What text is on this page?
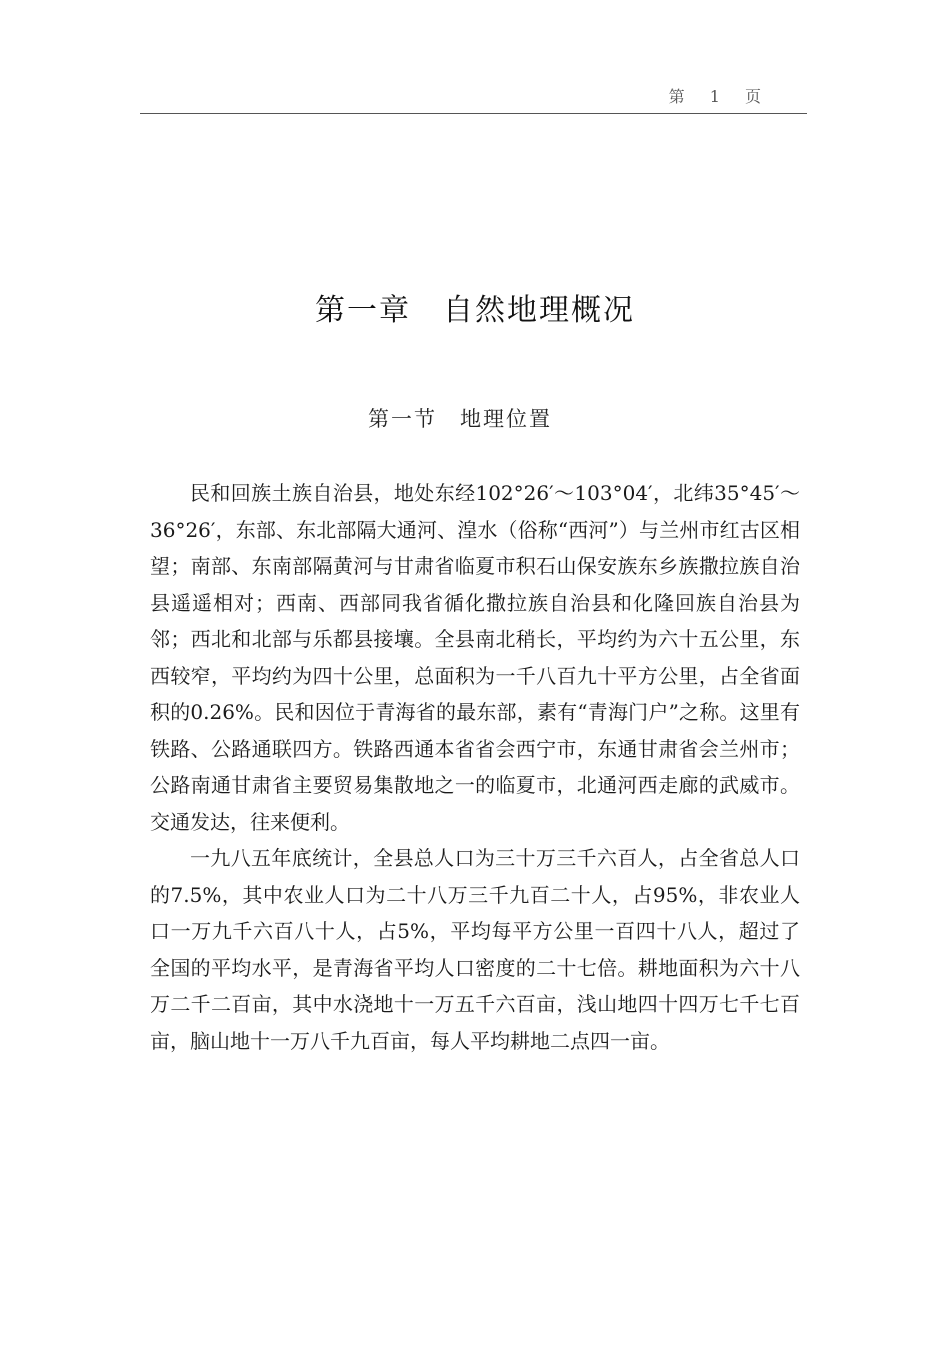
第 1 页
第一章　自然地理概况
第一节　地理位置

民和回族土族自治县，地处东经102°26′～103°04′，北纬35°45′～36°26′，东部、东北部隔大通河、湟水（俗称“西河”）与兰州市红古区相望；南部、东南部隔黄河与甘肃省临夏市积石山保安族东乡族撒拉族自治县遥遥相对；西南、西部同我省循化撒拉族自治县和化隆回族自治县为邻；西北和北部与乐都县接壤。全县南北稍长，平均约为六十五公里，东西较窄，平均约为四十公里，总面积为一千八百九十平方公里，占全省面积的0.26%。民和因位于青海省的最东部，素有“青海门户”之称。这里有铁路、公路通联四方。铁路西通本省省会西宁市，东通甘肃省会兰州市；公路南通甘肃省主要贸易集散地之一的临夏市，北通河西走廊的武威市。交通发达，往来便利。

一九八五年底统计，全县总人口为三十万三千六百人，占全省总人口的7.5%，其中农业人口为二十八万三千九百二十人，占95%，非农业人口一万九千六百八十人，占5%，平均每平方公里一百四十八人，超过了全国的平均水平，是青海省平均人口密度的二十七倍。耕地面积为六十八万二千二百亩，其中水浇地十一万五千六百亩，浅山地四十四万七千七百亩，脑山地十一万八千九百亩，每人平均耕地二点四一亩。
